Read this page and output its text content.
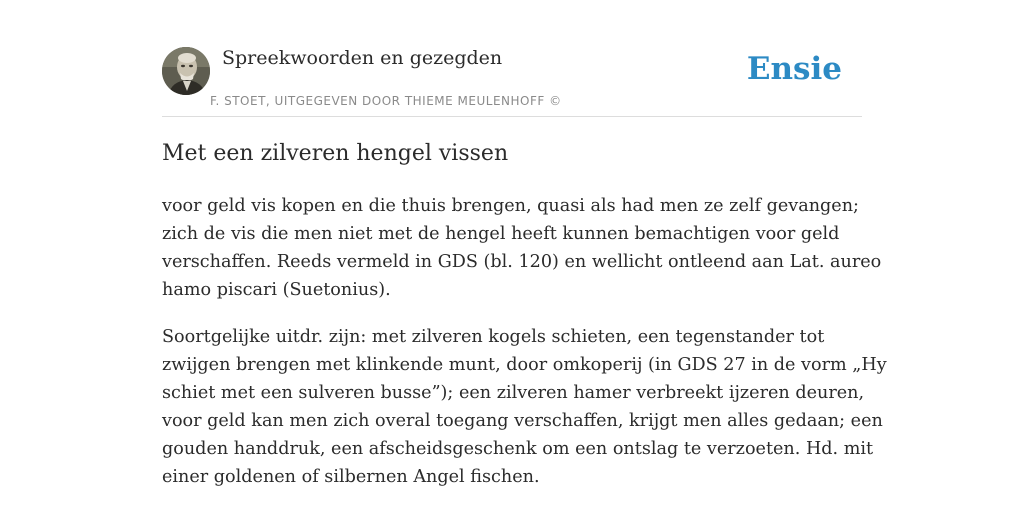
Spreekwoorden en gezegden
F. STOET, UITGEGEVEN DOOR THIEME MEULENHOFF ©
Ensie
Met een zilveren hengel vissen

voor geld vis kopen en die thuis brengen, quasi als had men ze zelf gevangen;
zich de vis die men niet met de hengel heeft kunnen bemachtigen voor geld
verschaffen. Reeds vermeld in GDS (bl. 120) en wellicht ontleend aan Lat. aureo
hamo piscari (Suetonius).

Soortgelijke uitdr. zijn: met zilveren kogels schieten, een tegenstander tot
zwijgen brengen met klinkende munt, door omkoperij (in GDS 27 in de vorm „Hy
schiet met een sulveren busse”); een zilveren hamer verbreekt ijzeren deuren,
voor geld kan men zich overal toegang verschaffen, krijgt men alles gedaan; een
gouden handdruk, een afscheidsgeschenk om een ontslag te verzoeten. Hd. mit
einer goldenen of silbernen Angel fischen.
